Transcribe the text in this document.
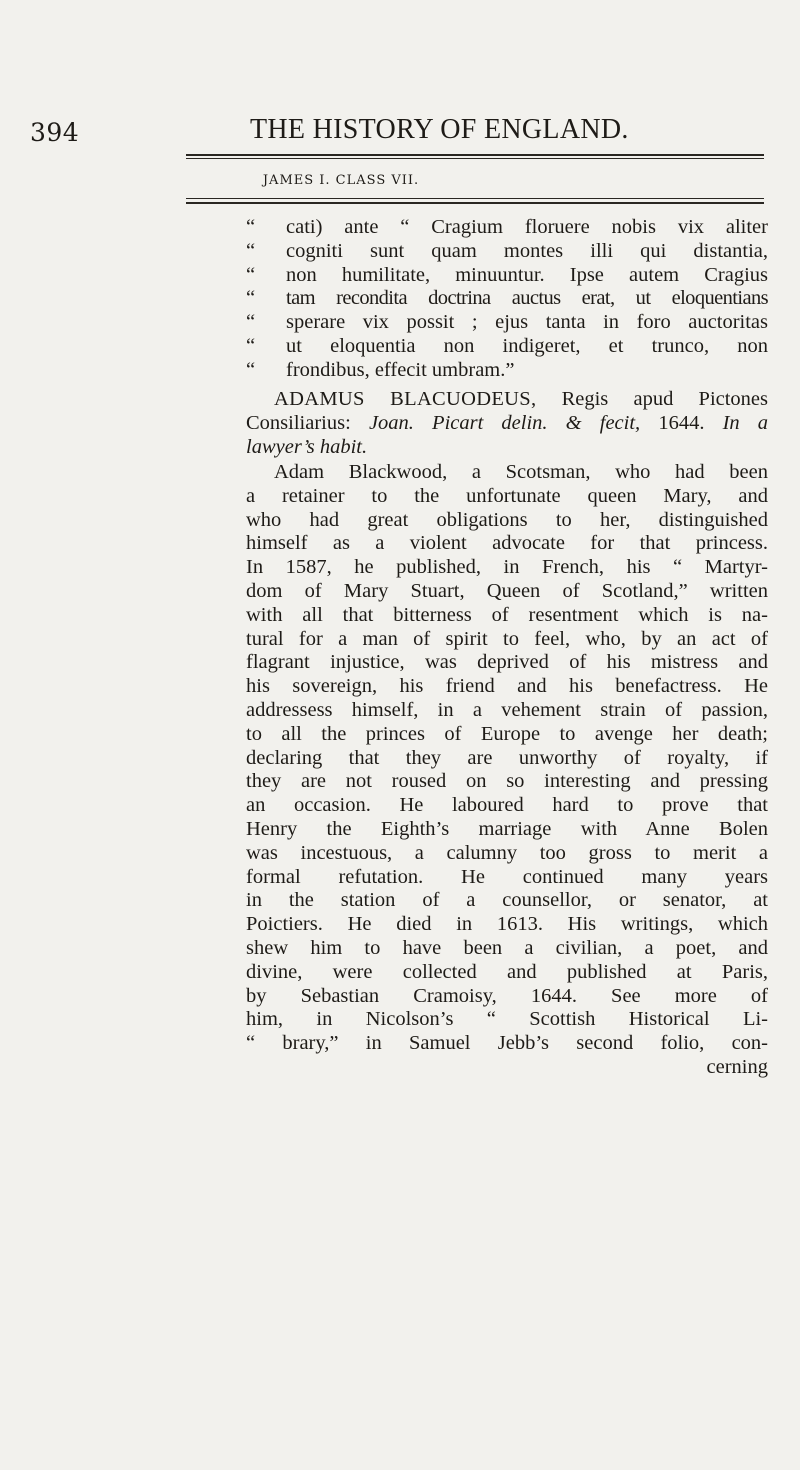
394	THE HISTORY OF ENGLAND.
JAMES I. CLASS VII.
“ cati) ante “ Cragium floruere nobis vix aliter
“ cogniti sunt quam montes illi qui distantia,
“ non humilitate, minuuntur. Ipse autem Cragius
“ tam recondita doctrina auctus erat, ut eloquentians
“ sperare vix possit ; ejus tanta in foro auctoritas
“ ut eloquentia non indigeret, et trunco, non
“ frondibus, effecit umbram.”
ADAMUS BLACUODEUS, Regis apud Pictones
Consiliarius: Joan. Picart delin. & fecit, 1644. In a
lawyer’s habit.
Adam Blackwood, a Scotsman, who had been
a retainer to the unfortunate queen Mary, and
who had great obligations to her, distinguished
himself as a violent advocate for that princess.
In 1587, he published, in French, his “ Martyr-
dom of Mary Stuart, Queen of Scotland,” written
with all that bitterness of resentment which is na-
tural for a man of spirit to feel, who, by an act of
flagrant injustice, was deprived of his mistress and
his sovereign, his friend and his benefactress. He
addressess himself, in a vehement strain of passion,
to all the princes of Europe to avenge her death;
declaring that they are unworthy of royalty, if
they are not roused on so interesting and pressing
an occasion. He laboured hard to prove that
Henry the Eighth’s marriage with Anne Bolen
was incestuous, a calumny too gross to merit a
formal refutation. He continued many years
in the station of a counsellor, or senator, at
Poictiers. He died in 1613. His writings, which
shew him to have been a civilian, a poet, and
divine, were collected and published at Paris,
by Sebastian Cramoisy, 1644. See more of
him, in Nicolson’s “ Scottish Historical Li-
“ brary,” in Samuel Jebb’s second folio, con-
cerning
